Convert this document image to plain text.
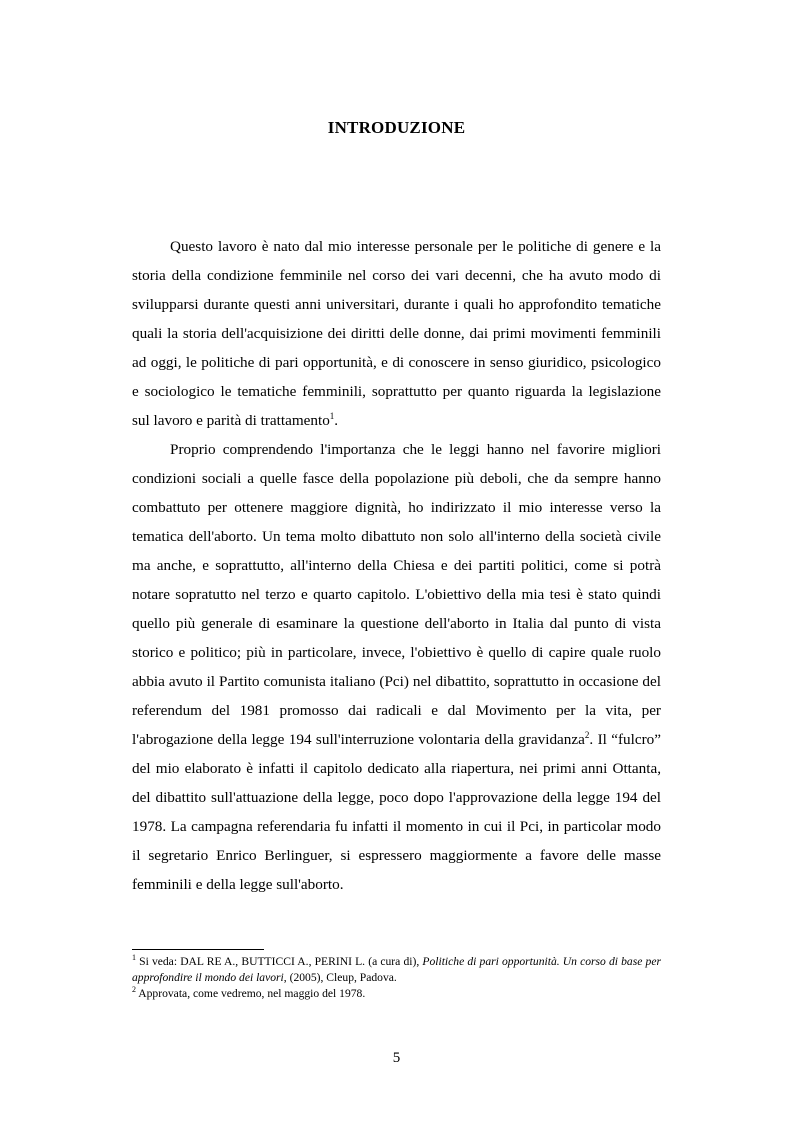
INTRODUZIONE

Questo lavoro è nato dal mio interesse personale per le politiche di genere e la storia della condizione femminile nel corso dei vari decenni, che ha avuto modo di svilupparsi durante questi anni universitari, durante i quali ho approfondito tematiche quali la storia dell'acquisizione dei diritti delle donne, dai primi movimenti femminili ad oggi, le politiche di pari opportunità, e di conoscere in senso giuridico, psicologico e sociologico le tematiche femminili, soprattutto per quanto riguarda la legislazione sul lavoro e parità di trattamento$^1$.

Proprio comprendendo l'importanza che le leggi hanno nel favorire migliori condizioni sociali a quelle fasce della popolazione più deboli, che da sempre hanno combattuto per ottenere maggiore dignità, ho indirizzato il mio interesse verso la tematica dell'aborto. Un tema molto dibattuto non solo all'interno della società civile ma anche, e soprattutto, all'interno della Chiesa e dei partiti politici, come si potrà notare sopratutto nel terzo e quarto capitolo. L'obiettivo della mia tesi è stato quindi quello più generale di esaminare la questione dell'aborto in Italia dal punto di vista storico e politico; più in particolare, invece, l'obiettivo è quello di capire quale ruolo abbia avuto il Partito comunista italiano (Pci) nel dibattito, soprattutto in occasione del referendum del 1981 promosso dai radicali e dal Movimento per la vita, per l'abrogazione della legge 194 sull'interruzione volontaria della gravidanza$^2$. Il “fulcro” del mio elaborato è infatti il capitolo dedicato alla riapertura, nei primi anni Ottanta, del dibattito sull'attuazione della legge, poco dopo l'approvazione della legge 194 del 1978. La campagna referendaria fu infatti il momento in cui il Pci, in particolar modo il segretario Enrico Berlinguer, si espressero maggiormente a favore delle masse femminili e della legge sull'aborto.

$^1$ Si veda: DAL RE A., BUTTICCI A., PERINI L. (a cura di), Politiche di pari opportunità. Un corso di base per approfondire il mondo dei lavori, (2005), Cleup, Padova.

$^2$ Approvata, come vedremo, nel maggio del 1978.

5
